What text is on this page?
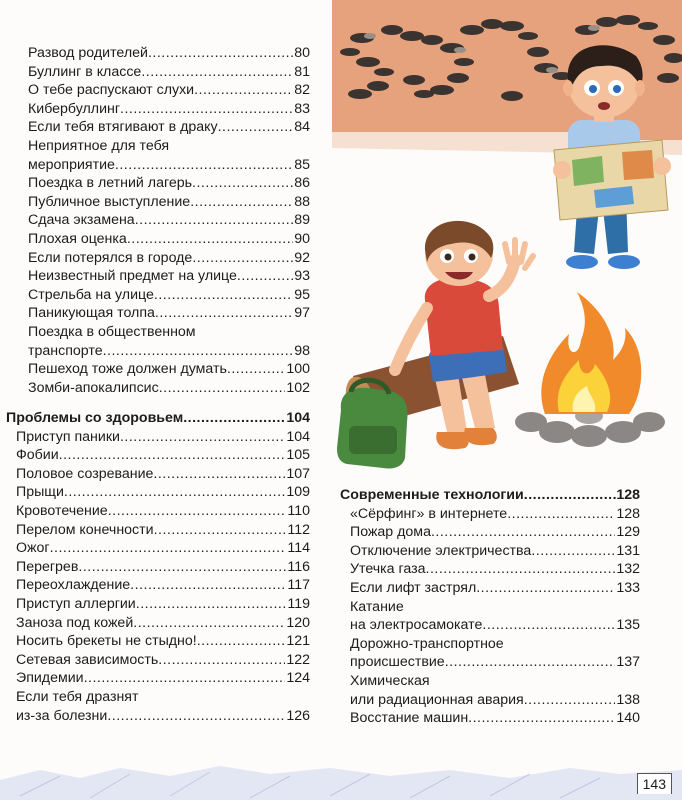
Развод родителей .....	80
Буллинг в классе .....	81
О тебе распускают слухи .....	82
Кибербуллинг .....	83
Если тебя втягивают в драку .....	84
Неприятное для тебя
мероприятие .....	85
Поездка в летний лагерь .....	86
Публичное выступление .....	88
Сдача экзамена .....	89
Плохая оценка .....	90
Если потерялся в городе .....	92
Неизвестный предмет на улице .....	93
Стрельба на улице .....	95
Паникующая толпа .....	97
Поездка в общественном
транспорте .....	98
Пешеход тоже должен думать .....	100
Зомби-апокалипсис .....	102
Проблемы со здоровьем .....	104
Приступ паники .....	104
Фобии .....	105
Половое созревание .....	107
Прыщи .....	109
Кровотечение .....	110
Перелом конечности .....	112
Ожог .....	114
Перегрев .....	116
Переохлаждение .....	117
Приступ аллергии .....	119
Заноза под кожей .....	120
Носить брекеты не стыдно! .....	121
Сетевая зависимость .....	122
Эпидемии .....	124
Если тебя дразнят
из-за болезни .....	126
Современные технологии .....	128
«Сёрфинг» в интернете .....	128
Пожар дома .....	129
Отключение электричества .....	131
Утечка газа .....	132
Если лифт застрял .....	133
Катание
на электросамокате .....	135
Дорожно-транспортное
происшествие .....	137
Химическая
или радиационная авария .....	138
Восстание машин .....	140
143
